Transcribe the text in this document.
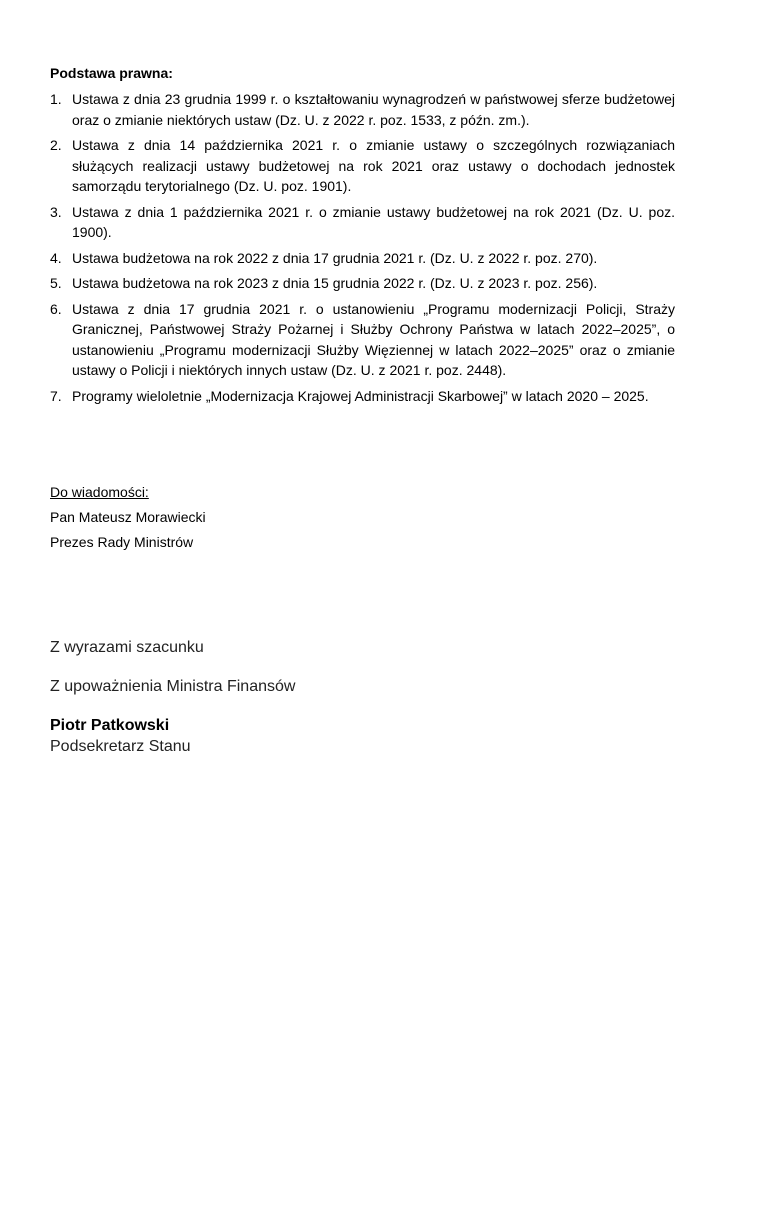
Podstawa prawna:

1. Ustawa z dnia 23 grudnia 1999 r. o kształtowaniu wynagrodzeń w państwowej sferze budżetowej oraz o zmianie niektórych ustaw (Dz. U. z 2022 r. poz. 1533, z późn. zm.).
2. Ustawa z dnia 14 października 2021 r. o zmianie ustawy o szczególnych rozwiązaniach służących realizacji ustawy budżetowej na rok 2021 oraz ustawy o dochodach jednostek samorządu terytorialnego (Dz. U. poz. 1901).
3. Ustawa z dnia 1 października 2021 r. o zmianie ustawy budżetowej na rok 2021 (Dz. U. poz. 1900).
4. Ustawa budżetowa na rok 2022 z dnia 17 grudnia 2021 r. (Dz. U. z 2022 r. poz. 270).
5. Ustawa budżetowa na rok 2023 z dnia 15 grudnia 2022 r. (Dz. U. z 2023 r. poz. 256).
6. Ustawa z dnia 17 grudnia 2021 r. o ustanowieniu „Programu modernizacji Policji, Straży Granicznej, Państwowej Straży Pożarnej i Służby Ochrony Państwa w latach 2022–2025”, o ustanowieniu „Programu modernizacji Służby Więziennej w latach 2022–2025” oraz o zmianie ustawy o Policji i niektórych innych ustaw (Dz. U. z 2021 r. poz. 2448).
7. Programy wieloletnie „Modernizacja Krajowej Administracji Skarbowej” w latach 2020 – 2025.
Do wiadomości:
Pan Mateusz Morawiecki
Prezes Rady Ministrów
Z wyrazami szacunku
Z upoważnienia Ministra Finansów
Piotr Patkowski
Podsekretarz Stanu
